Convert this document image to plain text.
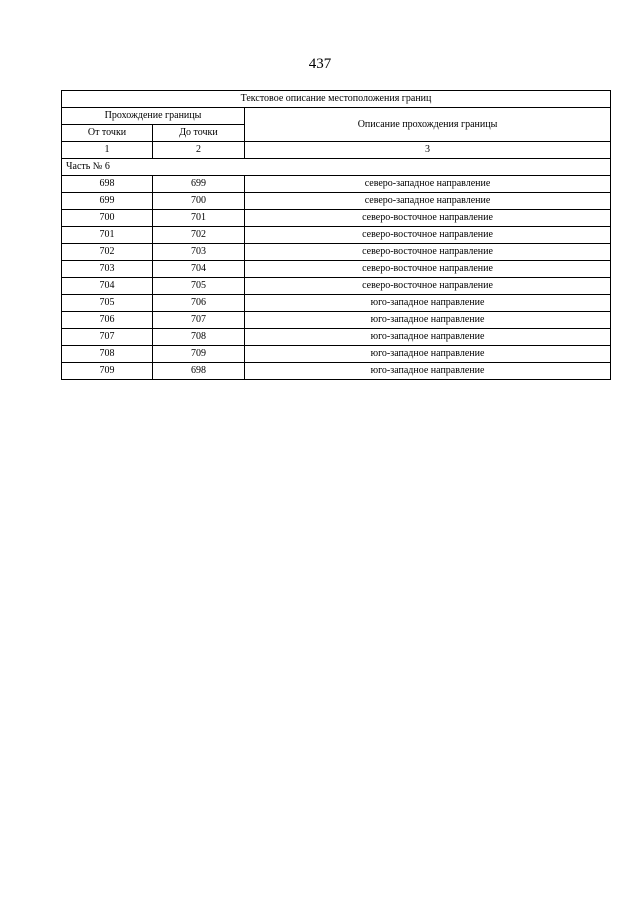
437
Текстовое описание местоположения границ		
Прохождение границы		Описание прохождения границы
От точки	До точки	
1	2	3
Часть № 6		
698	699	северо-западное направление
699	700	северо-западное направление
700	701	северо-восточное направление
701	702	северо-восточное направление
702	703	северо-восточное направление
703	704	северо-восточное направление
704	705	северо-восточное направление
705	706	юго-западное направление
706	707	юго-западное направление
707	708	юго-западное направление
708	709	юго-западное направление
709	698	юго-западное направление
